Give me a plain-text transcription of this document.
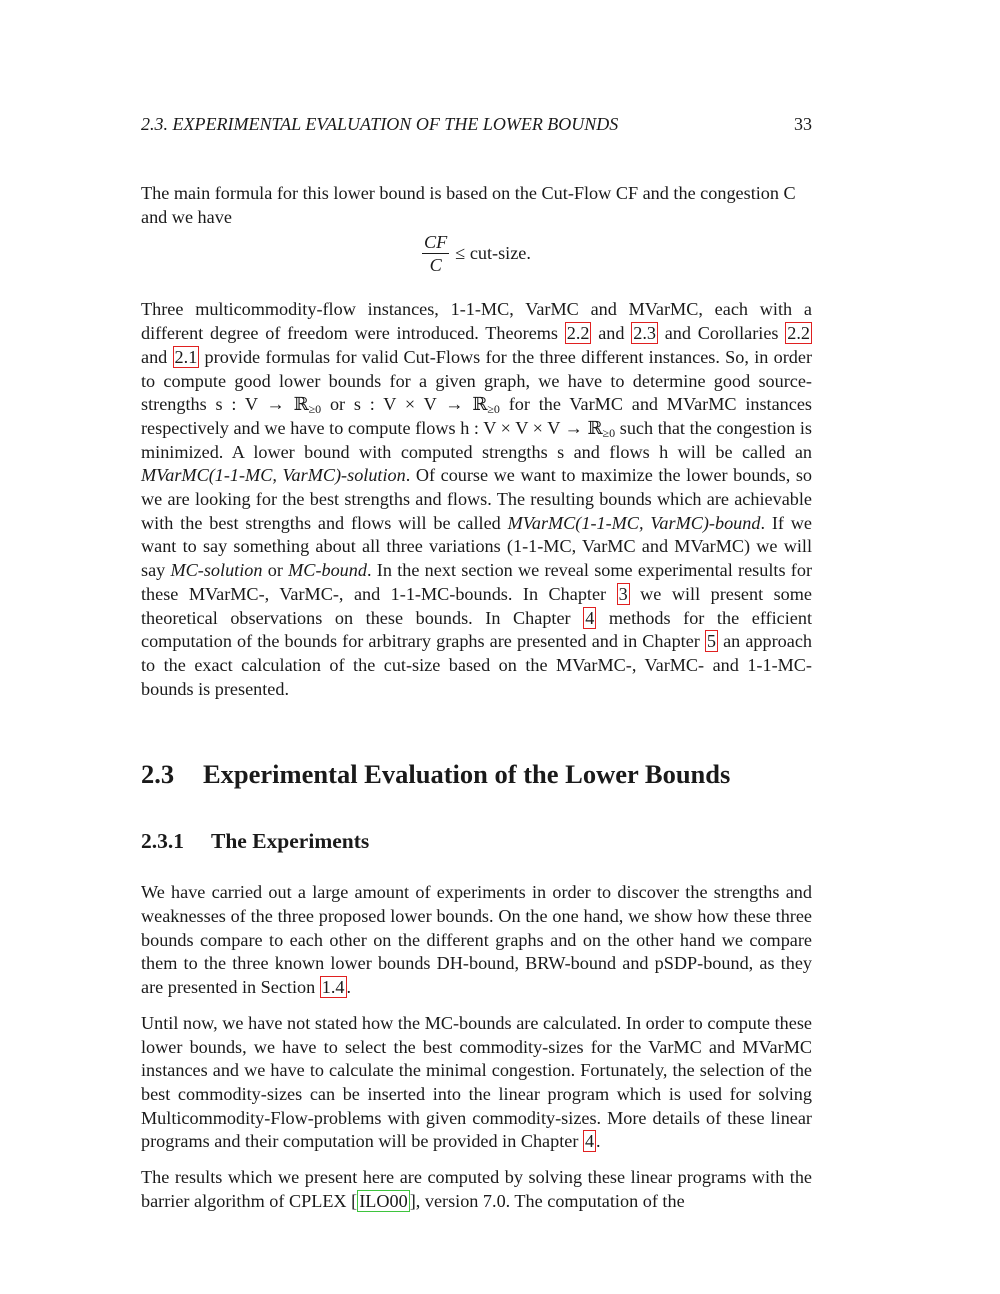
2.3. EXPERIMENTAL EVALUATION OF THE LOWER BOUNDS	33

The main formula for this lower bound is based on the Cut-Flow CF and the congestion C and we have

$\frac{CF}{C}$ ≤ cut-size.

Three multicommodity-flow instances, 1-1-MC, VarMC and MVarMC, each with a different degree of freedom were introduced. Theorems 2.2 and 2.3 and Corollaries 2.2 and 2.1 provide formulas for valid Cut-Flows for the three different instances. So, in order to compute good lower bounds for a given graph, we have to determine good source-strengths s : V → ℝ$_{\ge 0}$ or s : V × V → ℝ$_{\ge 0}$ for the VarMC and MVarMC instances respectively and we have to compute flows h : V × V × V → ℝ$_{\ge 0}$ such that the congestion is minimized. A lower bound with computed strengths s and flows h will be called an MVarMC(1-1-MC, VarMC)-solution. Of course we want to maximize the lower bounds, so we are looking for the best strengths and flows. The resulting bounds which are achievable with the best strengths and flows will be called MVarMC(1-1-MC, VarMC)-bound. If we want to say something about all three variations (1-1-MC, VarMC and MVarMC) we will say MC-solution or MC-bound. In the next section we reveal some experimental results for these MVarMC-, VarMC-, and 1-1-MC-bounds. In Chapter 3 we will present some theoretical observations on these bounds. In Chapter 4 methods for the efficient computation of the bounds for arbitrary graphs are presented and in Chapter 5 an approach to the exact calculation of the cut-size based on the MVarMC-, VarMC- and 1-1-MC-bounds is presented.

2.3 Experimental Evaluation of the Lower Bounds
2.3.1 The Experiments

We have carried out a large amount of experiments in order to discover the strengths and weaknesses of the three proposed lower bounds. On the one hand, we show how these three bounds compare to each other on the different graphs and on the other hand we compare them to the three known lower bounds DH-bound, BRW-bound and pSDP-bound, as they are presented in Section 1.4 .

Until now, we have not stated how the MC-bounds are calculated. In order to compute these lower bounds, we have to select the best commodity-sizes for the VarMC and MVarMC instances and we have to calculate the minimal congestion. Fortunately, the selection of the best commodity-sizes can be inserted into the linear program which is used for solving Multicommodity-Flow-problems with given commodity-sizes. More details of these linear programs and their computation will be provided in Chapter 4 .

The results which we present here are computed by solving these linear programs with the barrier algorithm of CPLEX [ ILO00 ], version 7.0. The computation of the
